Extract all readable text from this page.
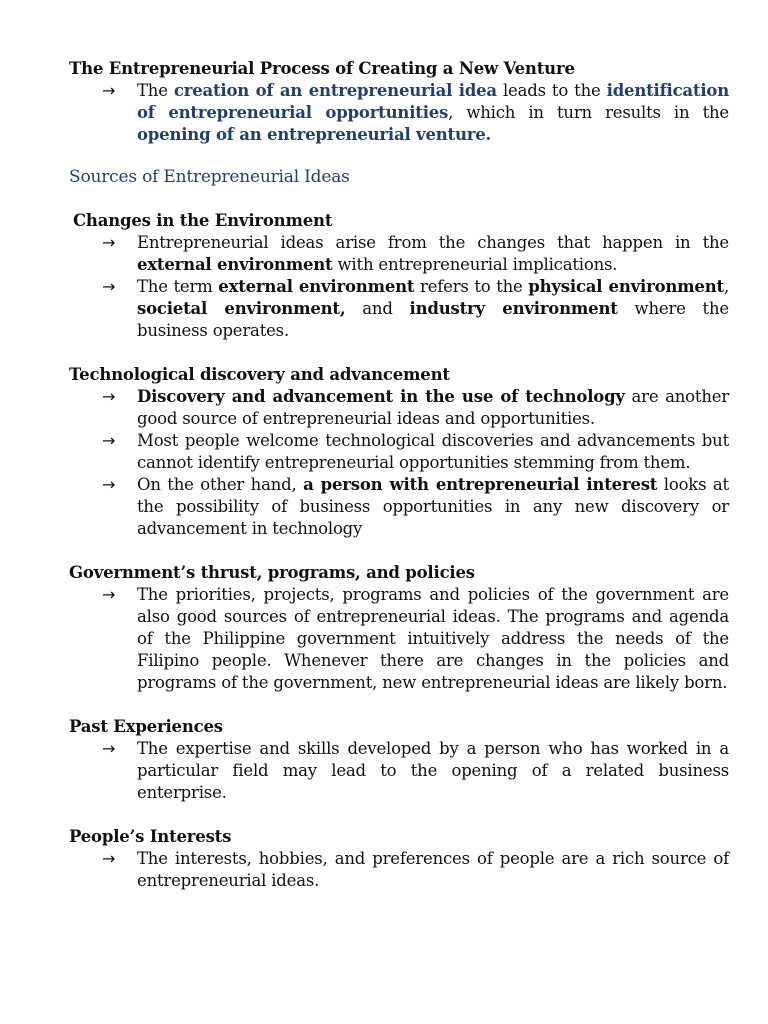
The Entrepreneurial Process of Creating a New Venture

→ The creation of an entrepreneurial idea leads to the identification of entrepreneurial opportunities, which in turn results in the opening of an entrepreneurial venture.

Sources of Entrepreneurial Ideas

Changes in the Environment

→ Entrepreneurial ideas arise from the changes that happen in the external environment with entrepreneurial implications.
→ The term external environment refers to the physical environment, societal environment, and industry environment where the business operates.

Technological discovery and advancement

→ Discovery and advancement in the use of technology are another good source of entrepreneurial ideas and opportunities.
→ Most people welcome technological discoveries and advancements but cannot identify entrepreneurial opportunities stemming from them.
→ On the other hand, a person with entrepreneurial interest looks at the possibility of business opportunities in any new discovery or advancement in technology

Government’s thrust, programs, and policies

→ The priorities, projects, programs and policies of the government are also good sources of entrepreneurial ideas. The programs and agenda of the Philippine government intuitively address the needs of the Filipino people. Whenever there are changes in the policies and programs of the government, new entrepreneurial ideas are likely born.

Past Experiences

→ The expertise and skills developed by a person who has worked in a particular field may lead to the opening of a related business enterprise.

People’s Interests

→ The interests, hobbies, and preferences of people are a rich source of entrepreneurial ideas.
